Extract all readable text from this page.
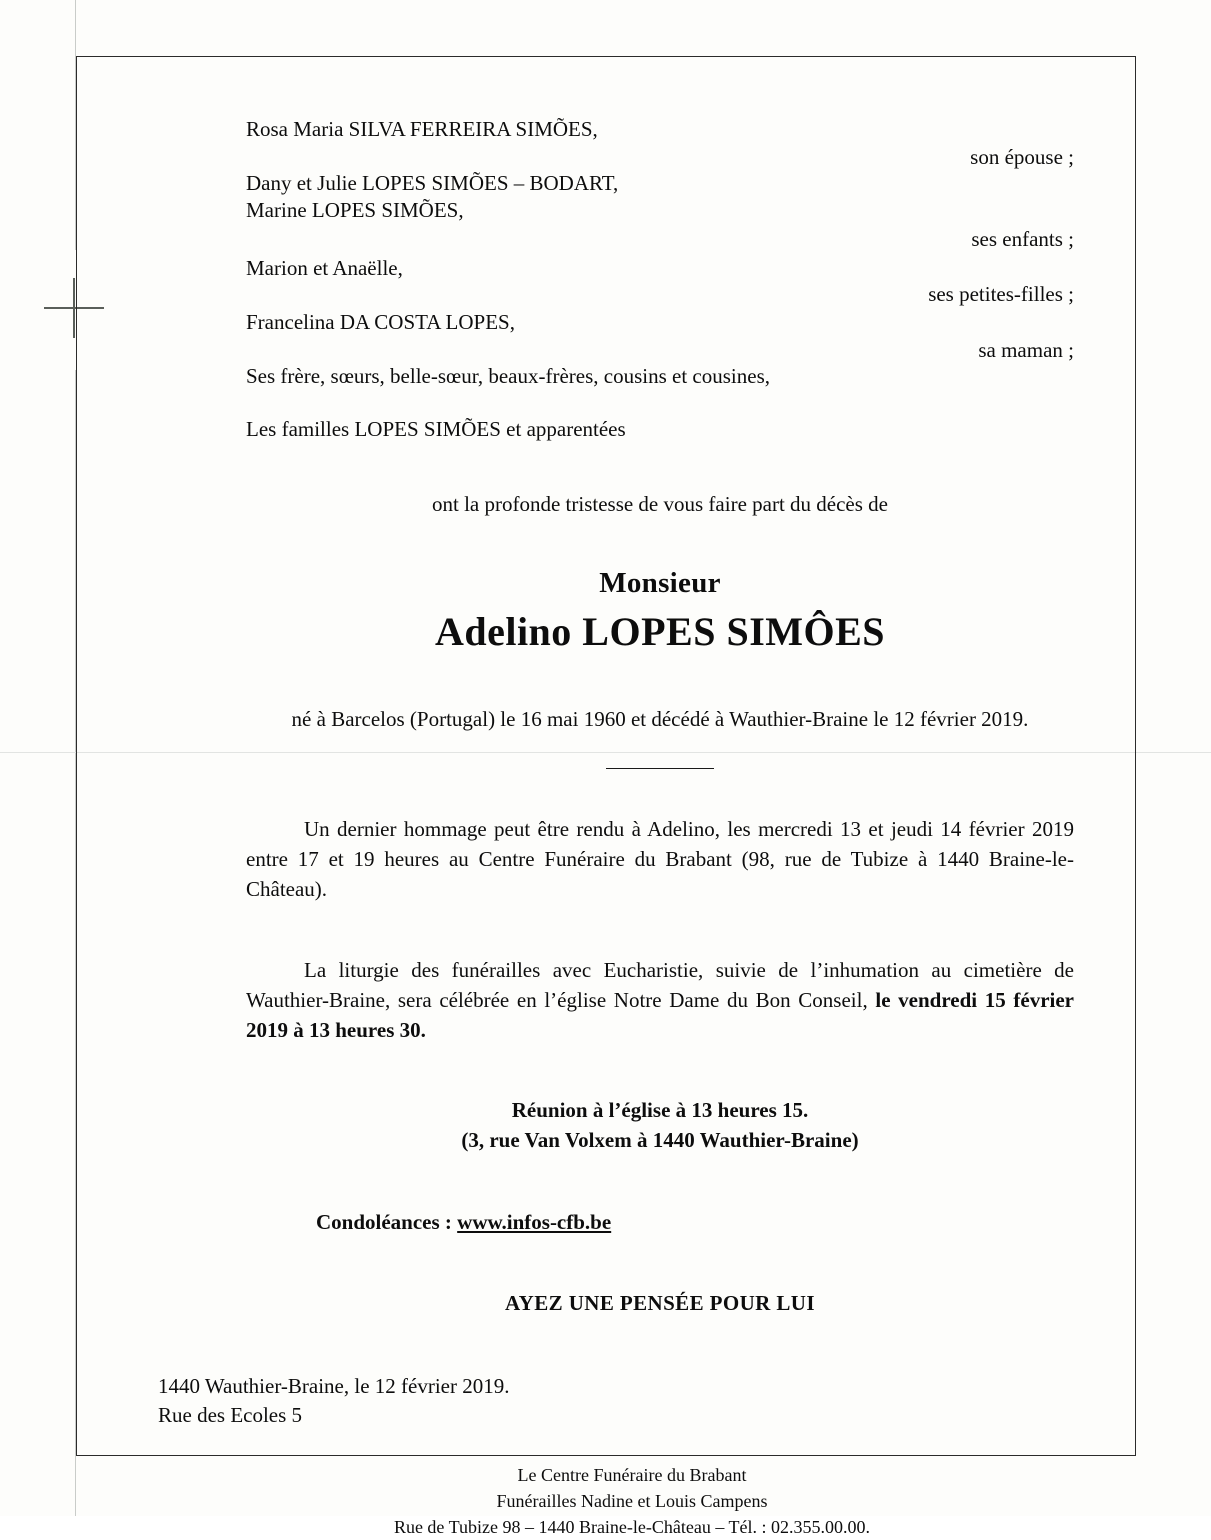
Rosa Maria SILVA FERREIRA SIMÕES,
son épouse ;
Dany et Julie LOPES SIMÕES – BODART,
Marine LOPES SIMÕES,
ses enfants ;
Marion et Anaëlle,
ses petites-filles ;
Francelina DA COSTA LOPES,
sa maman ;
Ses frère, sœurs, belle-sœur, beaux-frères, cousins et cousines,
Les familles LOPES SIMÕES et apparentées
ont la profonde tristesse de vous faire part du décès de
Monsieur
Adelino LOPES SIMÔES
né à Barcelos (Portugal) le 16 mai 1960 et décédé à Wauthier-Braine le 12 février 2019.
Un dernier hommage peut être rendu à Adelino, les mercredi 13 et jeudi 14 février 2019 entre 17 et 19 heures au Centre Funéraire du Brabant (98, rue de Tubize à 1440 Braine-le-Château).
La liturgie des funérailles avec Eucharistie, suivie de l’inhumation au cimetière de Wauthier-Braine, sera célébrée en l’église Notre Dame du Bon Conseil, le vendredi 15 février 2019 à 13 heures 30.
Réunion à l’église à 13 heures 15.
(3, rue Van Volxem à 1440 Wauthier-Braine)
Condoléances : www.infos-cfb.be
AYEZ UNE PENSÉE POUR LUI
1440 Wauthier-Braine, le 12 février 2019.
Rue des Ecoles 5
Le Centre Funéraire du Brabant
Funérailles Nadine et Louis Campens
Rue de Tubize 98 – 1440 Braine-le-Château – Tél. : 02.355.00.00.
